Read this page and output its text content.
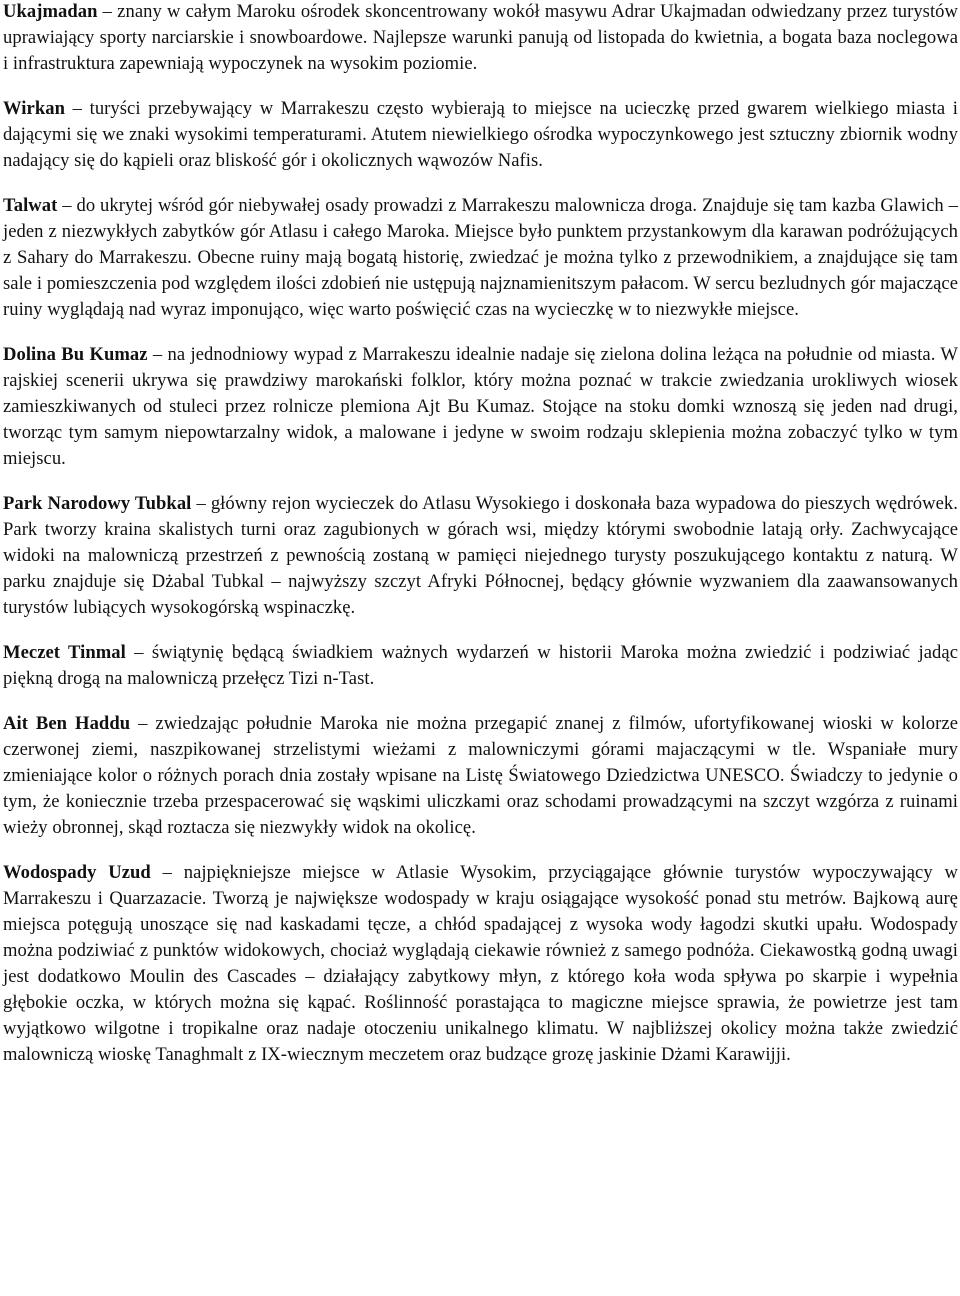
Ukajmadan – znany w całym Maroku ośrodek skoncentrowany wokół masywu Adrar Ukajmadan odwiedzany przez turystów uprawiający sporty narciarskie i snowboardowe. Najlepsze warunki panują od listopada do kwietnia, a bogata baza noclegowa i infrastruktura zapewniają wypoczynek na wysokim poziomie.

Wirkan – turyści przebywający w Marrakeszu często wybierają to miejsce na ucieczkę przed gwarem wielkiego miasta i dającymi się we znaki wysokimi temperaturami. Atutem niewielkiego ośrodka wypoczynkowego jest sztuczny zbiornik wodny nadający się do kąpieli oraz bliskość gór i okolicznych wąwozów Nafis.

Talwat – do ukrytej wśród gór niebywałej osady prowadzi z Marrakeszu malownicza droga. Znajduje się tam kazba Glawich – jeden z niezwykłych zabytków gór Atlasu i całego Maroka. Miejsce było punktem przystankowym dla karawan podróżujących z Sahary do Marrakeszu. Obecne ruiny mają bogatą historię, zwiedzać je można tylko z przewodnikiem, a znajdujące się tam sale i pomieszczenia pod względem ilości zdobień nie ustępują najznamienitszym pałacom. W sercu bezludnych gór majaczące ruiny wyglądają nad wyraz imponująco, więc warto poświęcić czas na wycieczkę w to niezwykłe miejsce.

Dolina Bu Kumaz – na jednodniowy wypad z Marrakeszu idealnie nadaje się zielona dolina leżąca na południe od miasta. W rajskiej scenerii ukrywa się prawdziwy marokański folklor, który można poznać w trakcie zwiedzania urokliwych wiosek zamieszkiwanych od stuleci przez rolnicze plemiona Ajt Bu Kumaz. Stojące na stoku domki wznoszą się jeden nad drugi, tworząc tym samym niepowtarzalny widok, a malowane i jedyne w swoim rodzaju sklepienia można zobaczyć tylko w tym miejscu.

Park Narodowy Tubkal – główny rejon wycieczek do Atlasu Wysokiego i doskonała baza wypadowa do pieszych wędrówek. Park tworzy kraina skalistych turni oraz zagubionych w górach wsi, między którymi swobodnie latają orły. Zachwycające widoki na malowniczą przestrzeń z pewnością zostaną w pamięci niejednego turysty poszukującego kontaktu z naturą. W parku znajduje się Dżabal Tubkal – najwyższy szczyt Afryki Północnej, będący głównie wyzwaniem dla zaawansowanych turystów lubiących wysokogórską wspinaczkę.

Meczet Tinmal – świątynię będącą świadkiem ważnych wydarzeń w historii Maroka można zwiedzić i podziwiać jadąc piękną drogą na malowniczą przełęcz Tizi n-Tast.

Ait Ben Haddu – zwiedzając południe Maroka nie można przegapić znanej z filmów, ufortyfikowanej wioski w kolorze czerwonej ziemi, naszpikowanej strzelistymi wieżami z malowniczymi górami majaczącymi w tle. Wspaniałe mury zmieniające kolor o różnych porach dnia zostały wpisane na Listę Światowego Dziedzictwa UNESCO. Świadczy to jedynie o tym, że koniecznie trzeba przespacerować się wąskimi uliczkami oraz schodami prowadzącymi na szczyt wzgórza z ruinami wieży obronnej, skąd roztacza się niezwykły widok na okolicę.

Wodospady Uzud – najpiękniejsze miejsce w Atlasie Wysokim, przyciągające głównie turystów wypoczywający w Marrakeszu i Quarzazacie. Tworzą je największe wodospady w kraju osiągające wysokość ponad stu metrów. Bajkową aurę miejsca potęgują unoszące się nad kaskadami tęcze, a chłód spadającej z wysoka wody łagodzi skutki upału. Wodospady można podziwiać z punktów widokowych, chociaż wyglądają ciekawie również z samego podnóża. Ciekawostką godną uwagi jest dodatkowo Moulin des Cascades – działający zabytkowy młyn, z którego koła woda spływa po skarpie i wypełnia głębokie oczka, w których można się kąpać. Roślinność porastająca to magiczne miejsce sprawia, że powietrze jest tam wyjątkowo wilgotne i tropikalne oraz nadaje otoczeniu unikalnego klimatu. W najbliższej okolicy można także zwiedzić malowniczą wioskę Tanaghmalt z IX-wiecznym meczetem oraz budzące grozę jaskinie Dżami Karawijji.
